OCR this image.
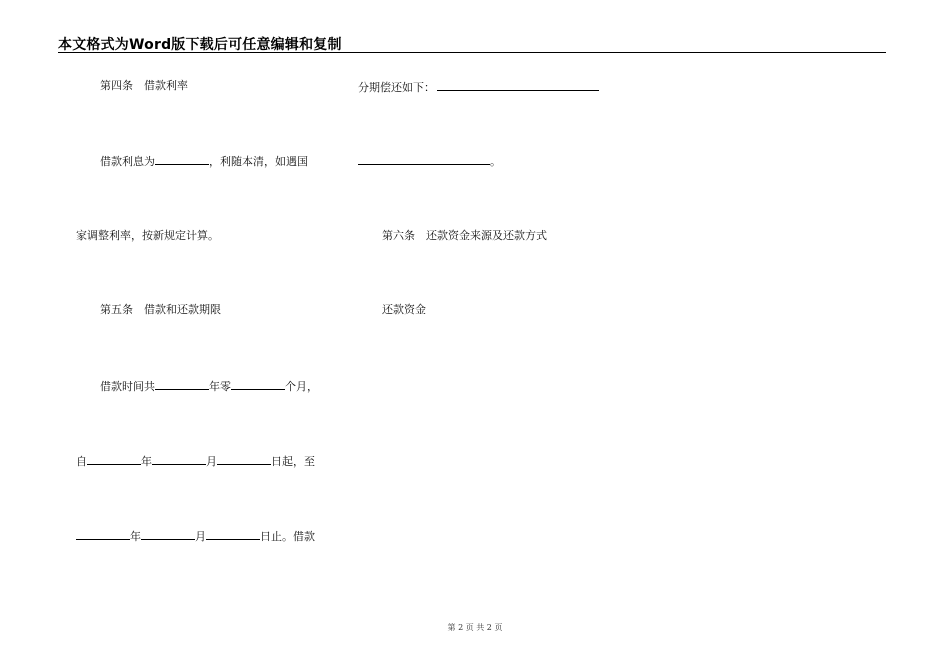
本文格式为Word版下载后可任意编辑和复制
第四条　借款利率
借款利息为	，利随本清，如遇国
家调整利率，按新规定计算。
第五条　借款和还款期限
借款时间共	年零	个月，
自	年	月	日起，至
年	月	日止。借款
分期偿还如下：
。
第六条　还款资金来源及还款方式
还款资金
第 2 页 共 2 页
